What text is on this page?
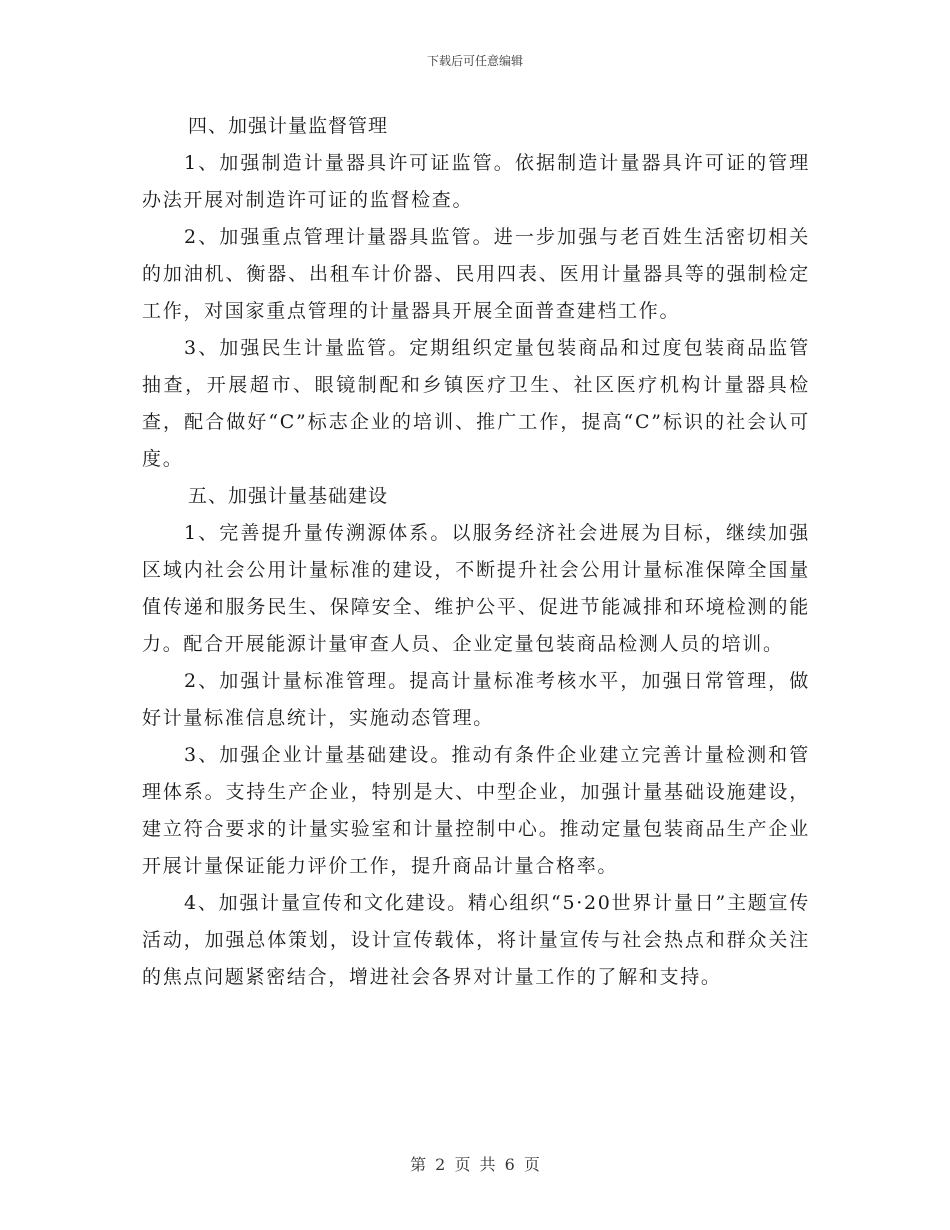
下载后可任意编辑

四、加强计量监督管理

1、加强制造计量器具许可证监管。依据制造计量器具许可证的管理办法开展对制造许可证的监督检查。

2、加强重点管理计量器具监管。进一步加强与老百姓生活密切相关的加油机、衡器、出租车计价器、民用四表、医用计量器具等的强制检定工作，对国家重点管理的计量器具开展全面普查建档工作。

3、加强民生计量监管。定期组织定量包装商品和过度包装商品监管抽查，开展超市、眼镜制配和乡镇医疗卫生、社区医疗机构计量器具检查，配合做好“C”标志企业的培训、推广工作，提高“C”标识的社会认可度。

五、加强计量基础建设

1、完善提升量传溯源体系。以服务经济社会进展为目标，继续加强区域内社会公用计量标准的建设，不断提升社会公用计量标准保障全国量值传递和服务民生、保障安全、维护公平、促进节能减排和环境检测的能力。配合开展能源计量审查人员、企业定量包装商品检测人员的培训。

2、加强计量标准管理。提高计量标准考核水平，加强日常管理，做好计量标准信息统计，实施动态管理。

3、加强企业计量基础建设。推动有条件企业建立完善计量检测和管理体系。支持生产企业，特别是大、中型企业，加强计量基础设施建设，建立符合要求的计量实验室和计量控制中心。推动定量包装商品生产企业开展计量保证能力评价工作，提升商品计量合格率。

4、加强计量宣传和文化建设。精心组织“5·20世界计量日”主题宣传活动，加强总体策划，设计宣传载体，将计量宣传与社会热点和群众关注的焦点问题紧密结合，增进社会各界对计量工作的了解和支持。

第 2 页 共 6 页
